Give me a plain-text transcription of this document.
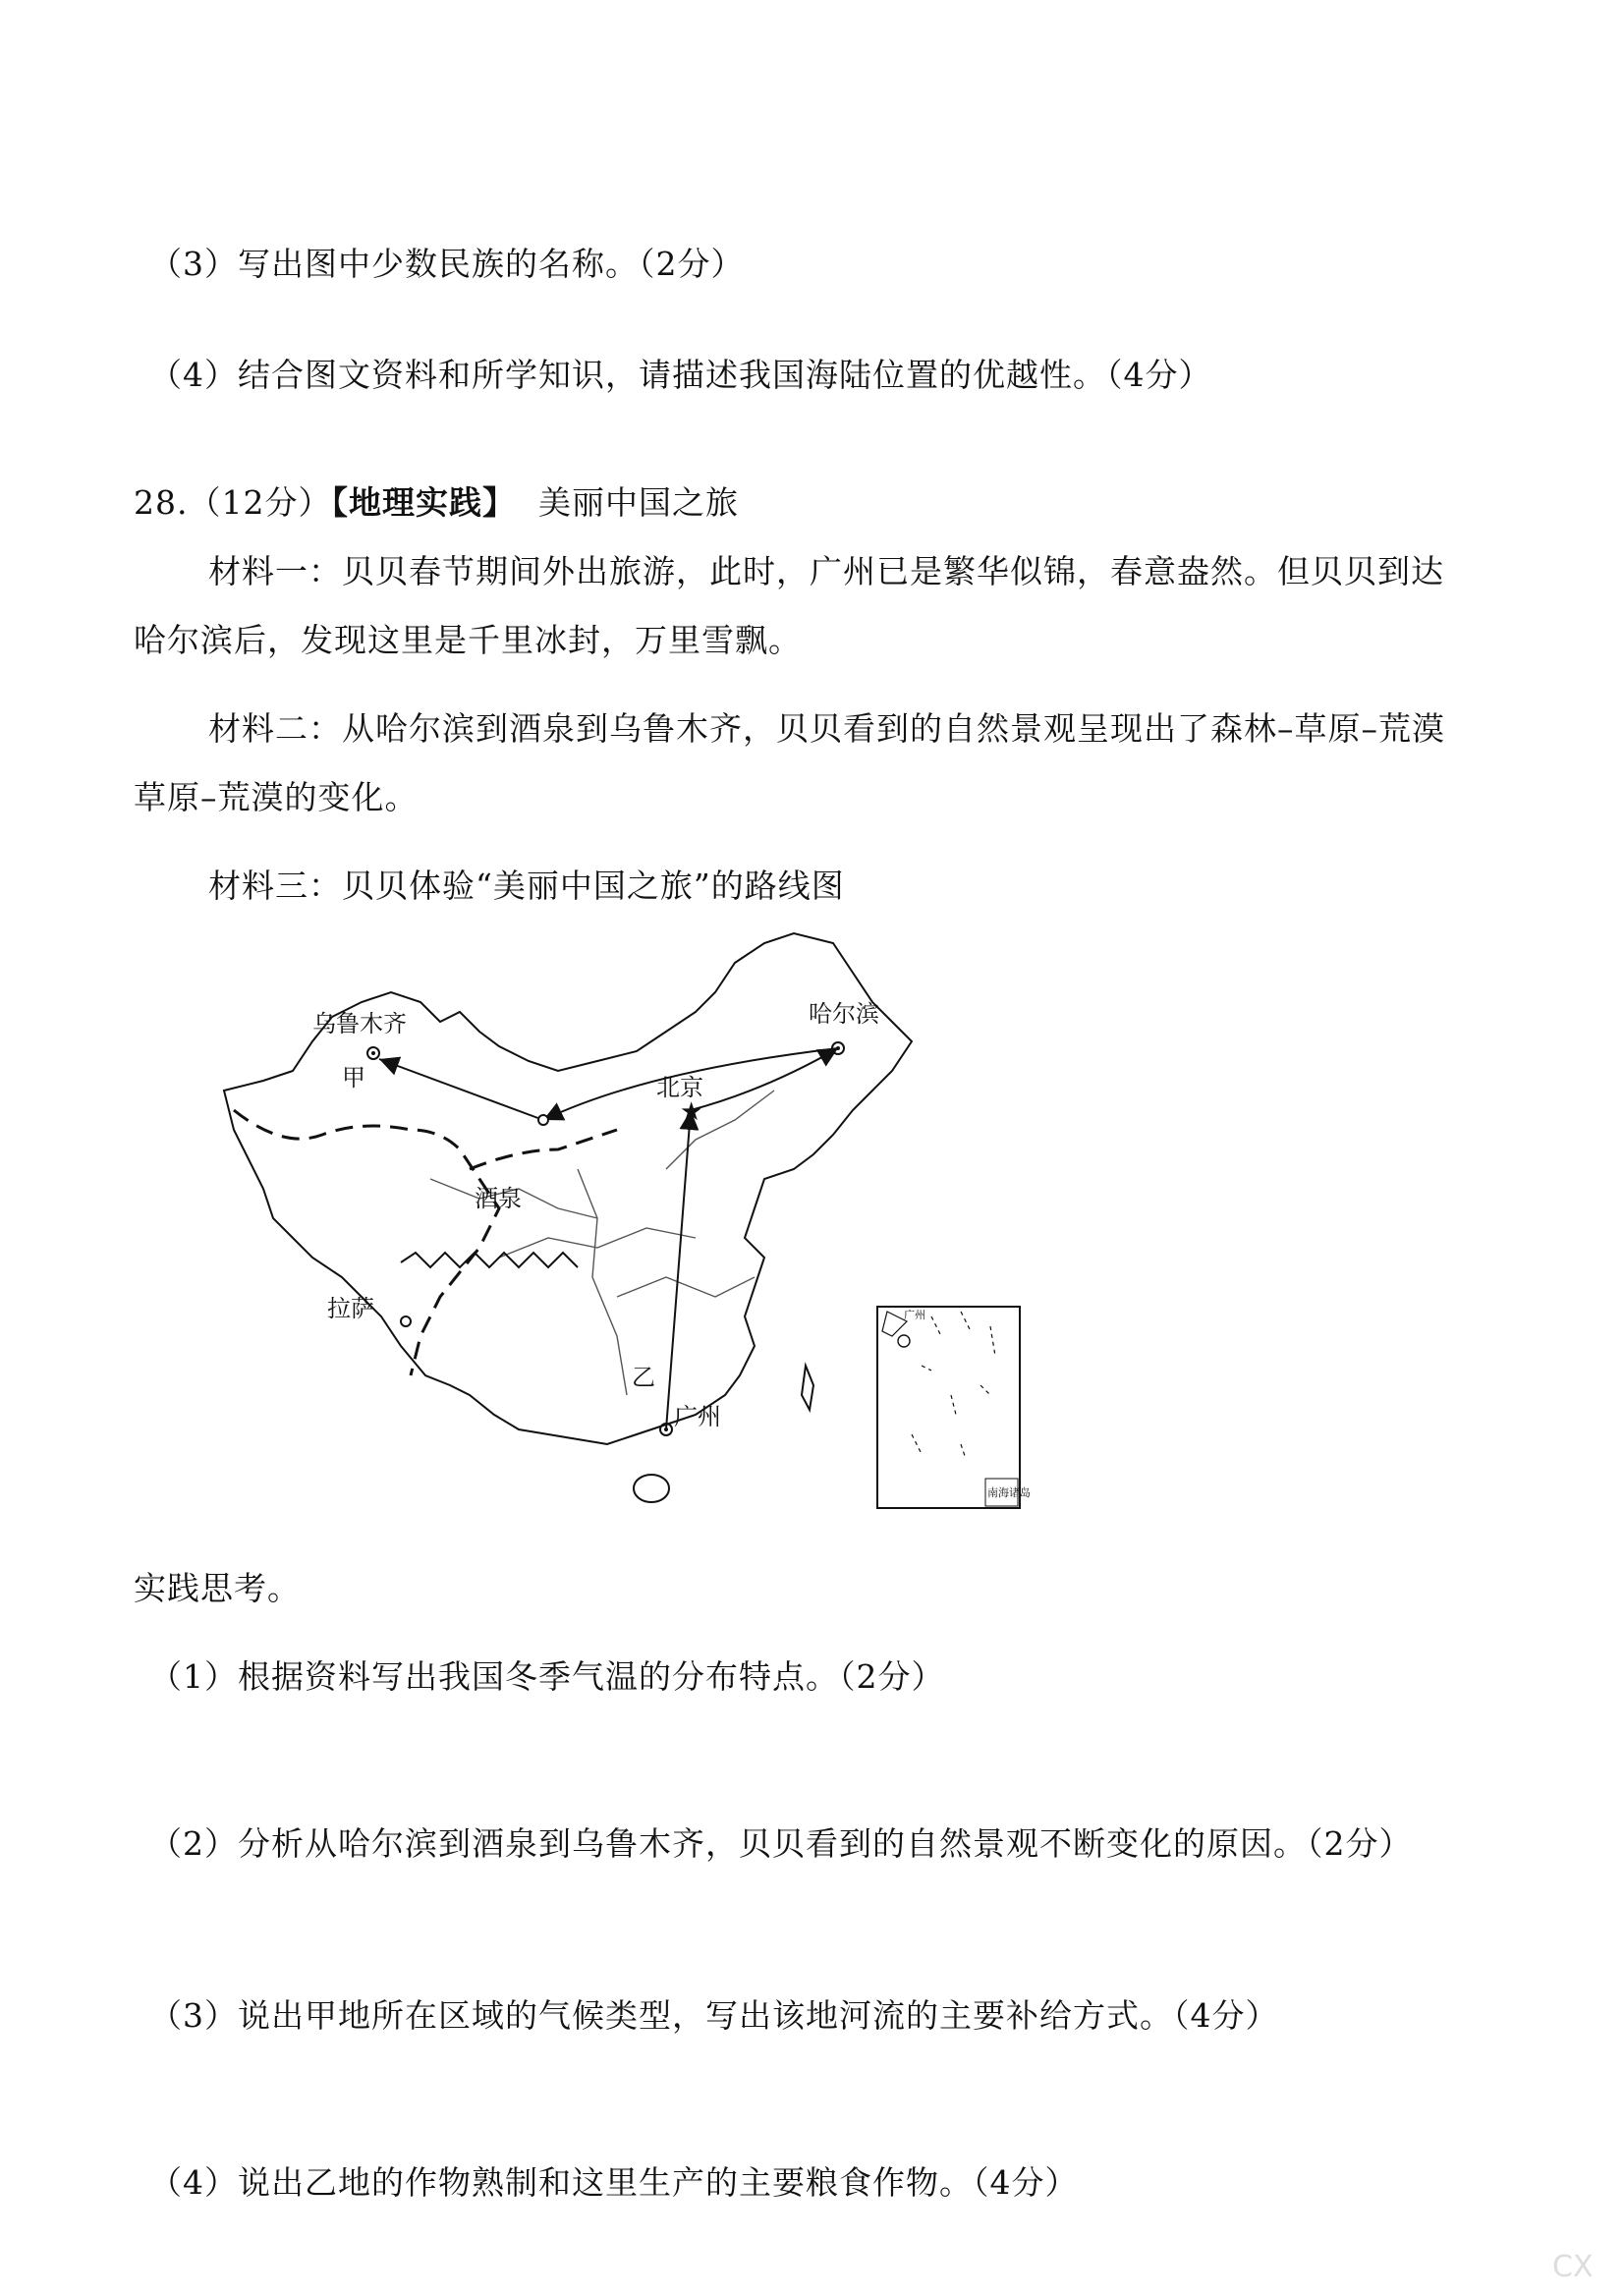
（3）写出图中少数民族的名称。（2分）
（4）结合图文资料和所学知识，请描述我国海陆位置的优越性。（4分）
28.（12分）【地理实践】 美丽中国之旅
材料一：贝贝春节期间外出旅游，此时，广州已是繁华似锦，春意盎然。但贝贝到达
哈尔滨后，发现这里是千里冰封，万里雪飘。
材料二：从哈尔滨到酒泉到乌鲁木齐，贝贝看到的自然景观呈现出了森林–草原–荒漠
草原–荒漠的变化。
材料三：贝贝体验“美丽中国之旅”的路线图
★
乌鲁木齐
甲
哈尔滨
北京
酒泉
拉萨
乙
广州
广州
南海诸岛
实践思考。
（1）根据资料写出我国冬季气温的分布特点。（2分）
（2）分析从哈尔滨到酒泉到乌鲁木齐，贝贝看到的自然景观不断变化的原因。（2分）
（3）说出甲地所在区域的气候类型，写出该地河流的主要补给方式。（4分）
（4）说出乙地的作物熟制和这里生产的主要粮食作物。（4分）
CX
